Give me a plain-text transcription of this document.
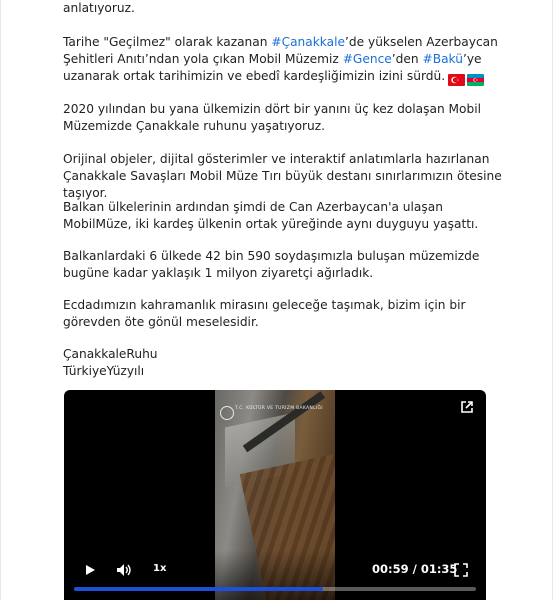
anlatıyoruz.

Tarihe "Geçilmez" olarak kazanan #Çanakkale’de yükselen Azerbaycan Şehitleri Anıtı’ndan yola çıkan Mobil Müzemiz #Gence’den #Bakü’ye uzanarak ortak tarihimizin ve ebedî kardeşliğimizin izini sürdü.

2020 yılından bu yana ülkemizin dört bir yanını üç kez dolaşan Mobil Müzemizde Çanakkale ruhunu yaşatıyoruz.

Orijinal objeler, dijital gösterimler ve interaktif anlatımlarla hazırlanan Çanakkale Savaşları Mobil Müze Tırı büyük destanı sınırlarımızın ötesine taşıyor.

Balkan ülkelerinin ardından şimdi de Can Azerbaycan'a ulaşan MobilMüze, iki kardeş ülkenin ortak yüreğinde aynı duyguyu yaşattı.

Balkanlardaki 6 ülkede 42 bin 590 soydaşımızla buluşan müzemizde bugüne kadar yaklaşık 1 milyon ziyaretçi ağırladık.

Ecdadımızın kahramanlık mirasını geleceğe taşımak, bizim için bir görevden öte gönül meselesidir.

ÇanakkaleRuhu

TürkiyeYüzyılı

T.C. KÜLTÜR VE TURİZM BAKANLIĞI
1x	00:59 / 01:35
